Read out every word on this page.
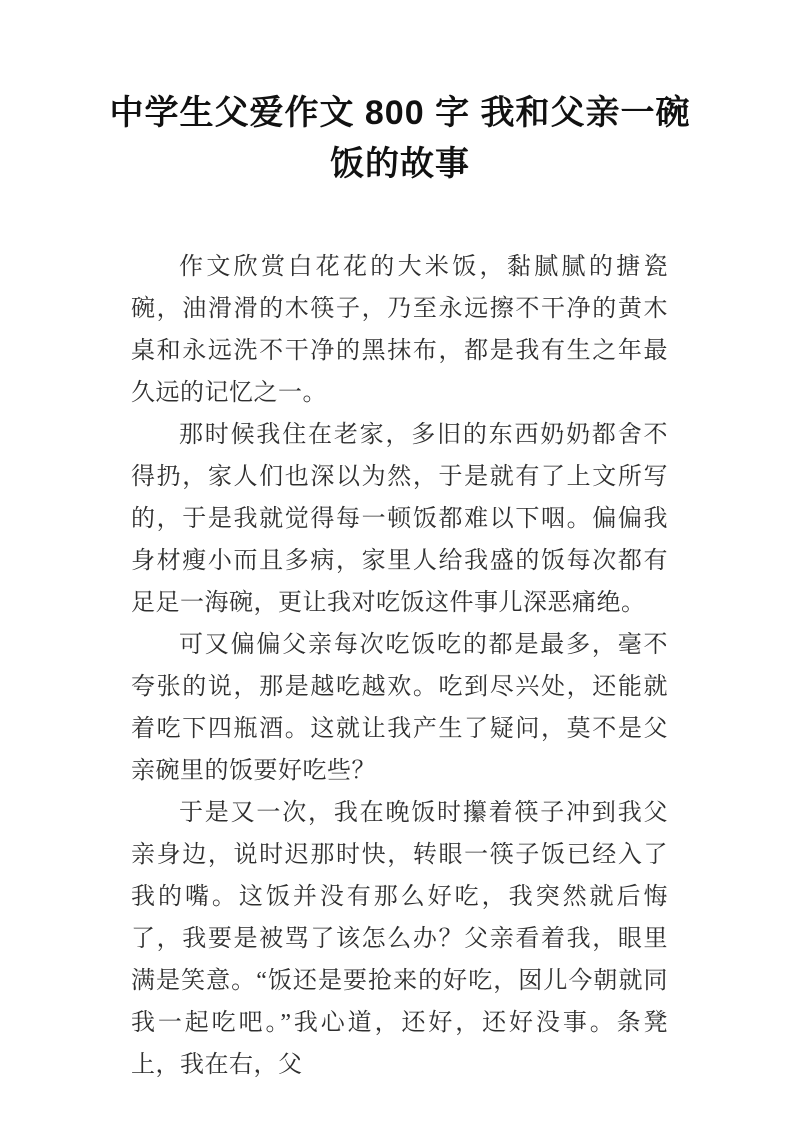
中学生父爱作文 800 字 我和父亲一碗饭的故事

作文欣赏白花花的大米饭，黏腻腻的搪瓷碗，油滑滑的木筷子，乃至永远擦不干净的黄木桌和永远洗不干净的黑抹布，都是我有生之年最久远的记忆之一。

那时候我住在老家，多旧的东西奶奶都舍不得扔，家人们也深以为然，于是就有了上文所写的，于是我就觉得每一顿饭都难以下咽。偏偏我身材瘦小而且多病，家里人给我盛的饭每次都有足足一海碗，更让我对吃饭这件事儿深恶痛绝。

可又偏偏父亲每次吃饭吃的都是最多，毫不夸张的说，那是越吃越欢。吃到尽兴处，还能就着吃下四瓶酒。这就让我产生了疑问，莫不是父亲碗里的饭要好吃些？

于是又一次，我在晚饭时攥着筷子冲到我父亲身边，说时迟那时快，转眼一筷子饭已经入了我的嘴。这饭并没有那么好吃，我突然就后悔了，我要是被骂了该怎么办？父亲看着我，眼里满是笑意。“饭还是要抢来的好吃，囡儿今朝就同我一起吃吧。”我心道，还好，还好没事。条凳上，我在右，父
